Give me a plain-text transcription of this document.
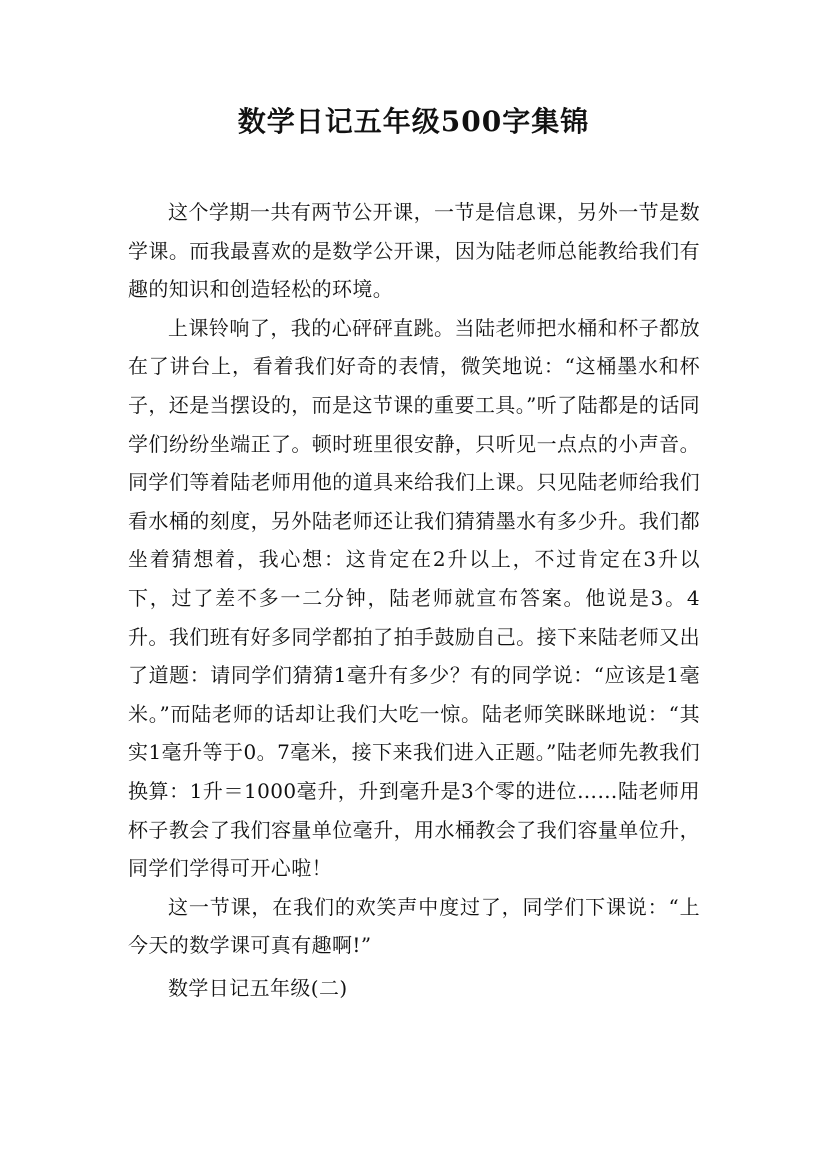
数学日记五年级500字集锦

这个学期一共有两节公开课，一节是信息课，另外一节是数学课。而我最喜欢的是数学公开课，因为陆老师总能教给我们有趣的知识和创造轻松的环境。

上课铃响了，我的心砰砰直跳。当陆老师把水桶和杯子都放在了讲台上，看着我们好奇的表情，微笑地说：“这桶墨水和杯子，还是当摆设的，而是这节课的重要工具。”听了陆都是的话同学们纷纷坐端正了。顿时班里很安静，只听见一点点的小声音。同学们等着陆老师用他的道具来给我们上课。只见陆老师给我们看水桶的刻度，另外陆老师还让我们猜猜墨水有多少升。我们都坐着猜想着，我心想：这肯定在2升以上，不过肯定在3升以下，过了差不多一二分钟，陆老师就宣布答案。他说是3。4升。我们班有好多同学都拍了拍手鼓励自己。接下来陆老师又出了道题：请同学们猜猜1毫升有多少？有的同学说：“应该是1毫米。”而陆老师的话却让我们大吃一惊。陆老师笑眯眯地说：“其实1毫升等于0。7毫米，接下来我们进入正题。”陆老师先教我们换算：1升＝1000毫升，升到毫升是3个零的进位……陆老师用杯子教会了我们容量单位毫升，用水桶教会了我们容量单位升，同学们学得可开心啦！

这一节课，在我们的欢笑声中度过了，同学们下课说：“上今天的数学课可真有趣啊!”

数学日记五年级(二)
